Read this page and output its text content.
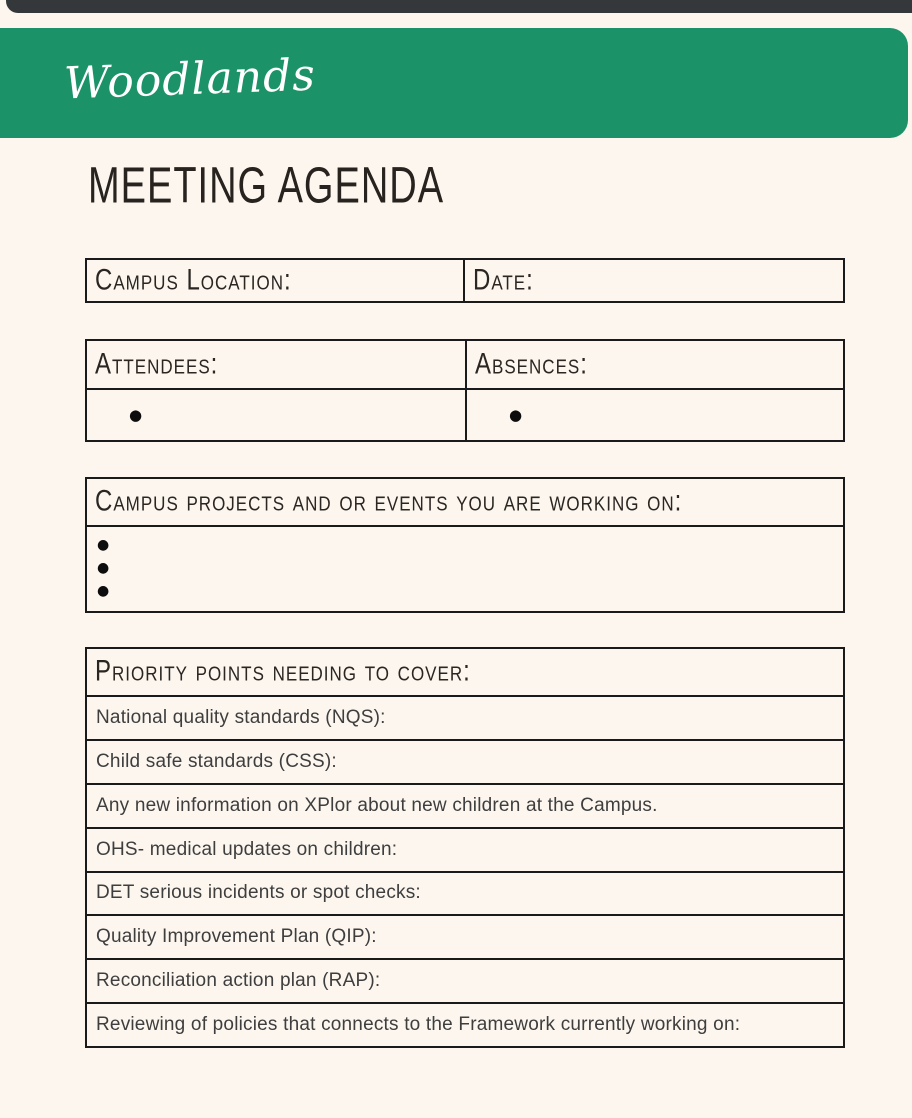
Woodlands
MEETING AGENDA
Campus Location:	Date:
Attendees:	Absences:
●	●
Campus projects and or events you are working on:
●
●
●
Priority points needing to cover:
National quality standards (NQS):
Child safe standards (CSS):
Any new information on XPlor about new children at the Campus.
OHS- medical updates on children:
DET serious incidents or spot checks:
Quality Improvement Plan (QIP):
Reconciliation action plan (RAP):
Reviewing of policies that connects to the Framework currently working on:
